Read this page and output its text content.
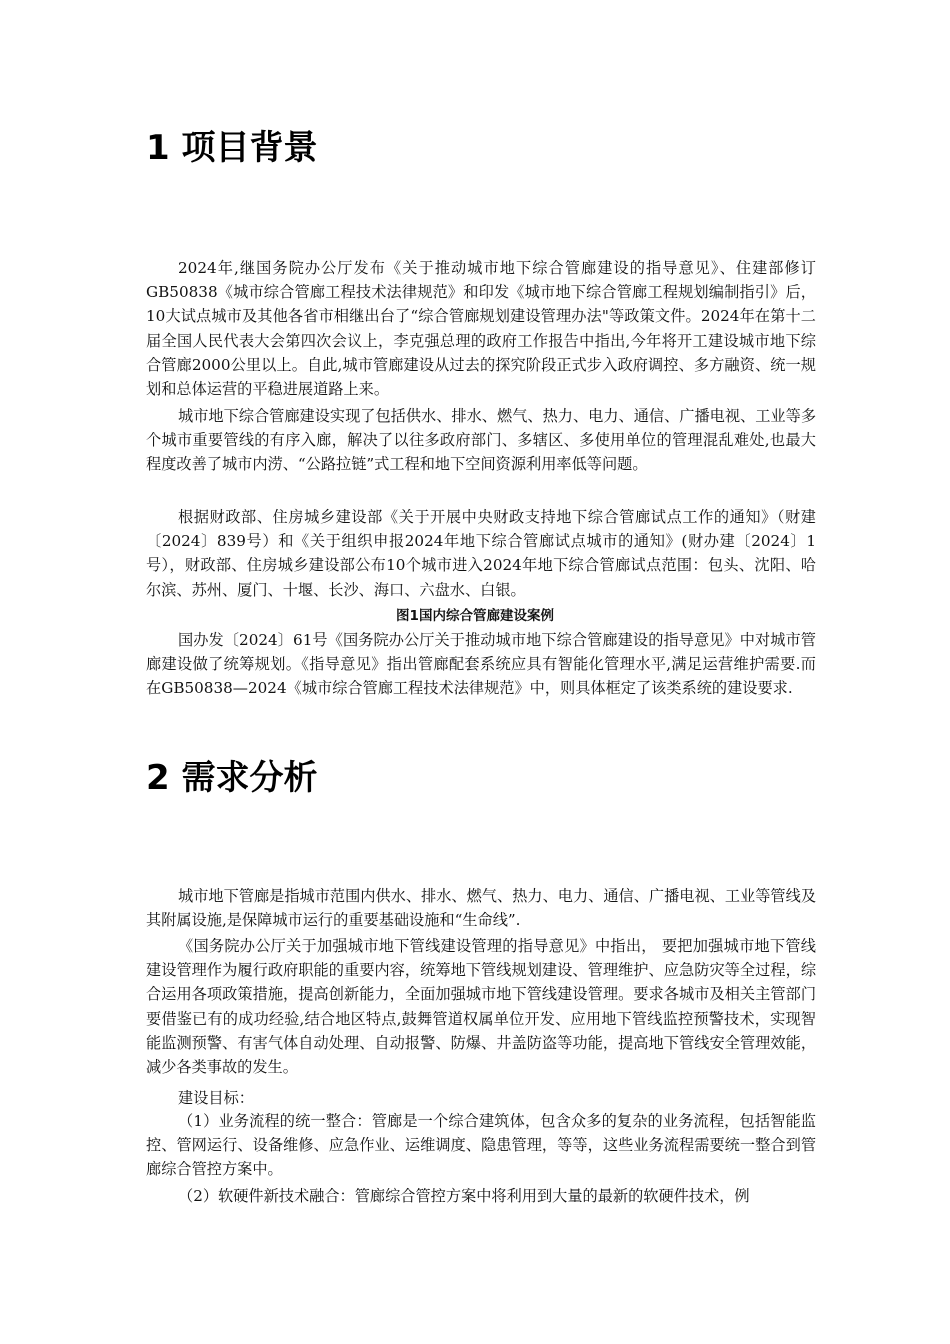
1 项目背景

2024年,继国务院办公厅发布《关于推动城市地下综合管廊建设的指导意见》、住建部修订GB50838《城市综合管廊工程技术法律规范》和印发《城市地下综合管廊工程规划编制指引》后，10大试点城市及其他各省市相继出台了“综合管廊规划建设管理办法"等政策文件。2024年在第十二届全国人民代表大会第四次会议上，李克强总理的政府工作报告中指出,今年将开工建设城市地下综合管廊2000公里以上。自此,城市管廊建设从过去的探究阶段正式步入政府调控、多方融资、统一规划和总体运营的平稳进展道路上来。

城市地下综合管廊建设实现了包括供水、排水、燃气、热力、电力、通信、广播电视、工业等多个城市重要管线的有序入廊，解决了以往多政府部门、多辖区、多使用单位的管理混乱难处,也最大程度改善了城市内涝、“公路拉链”式工程和地下空间资源利用率低等问题。

根据财政部、住房城乡建设部《关于开展中央财政支持地下综合管廊试点工作的通知》（财建〔2024〕839号）和《关于组织申报2024年地下综合管廊试点城市的通知》(财办建〔2024〕1号），财政部、住房城乡建设部公布10个城市进入2024年地下综合管廊试点范围：包头、沈阳、哈尔滨、苏州、厦门、十堰、长沙、海口、六盘水、白银。

图1国内综合管廊建设案例

国办发〔2024〕61号《国务院办公厅关于推动城市地下综合管廊建设的指导意见》中对城市管廊建设做了统筹规划。《指导意见》指出管廊配套系统应具有智能化管理水平,满足运营维护需要.而在GB50838—2024《城市综合管廊工程技术法律规范》中，则具体框定了该类系统的建设要求.

2 需求分析

城市地下管廊是指城市范围内供水、排水、燃气、热力、电力、通信、广播电视、工业等管线及其附属设施,是保障城市运行的重要基础设施和“生命线”.

《国务院办公厅关于加强城市地下管线建设管理的指导意见》中指出， 要把加强城市地下管线建设管理作为履行政府职能的重要内容，统筹地下管线规划建设、管理维护、应急防灾等全过程，综合运用各项政策措施，提高创新能力，全面加强城市地下管线建设管理。要求各城市及相关主管部门要借鉴已有的成功经验,结合地区特点,鼓舞管道权属单位开发、应用地下管线监控预警技术，实现智能监测预警、有害气体自动处理、自动报警、防爆、井盖防盗等功能，提高地下管线安全管理效能，减少各类事故的发生。

建设目标：

（1）业务流程的统一整合：管廊是一个综合建筑体，包含众多的复杂的业务流程，包括智能监控、管网运行、设备维修、应急作业、运维调度、隐患管理，等等，这些业务流程需要统一整合到管廊综合管控方案中。

（2）软硬件新技术融合：管廊综合管控方案中将利用到大量的最新的软硬件技术，例
